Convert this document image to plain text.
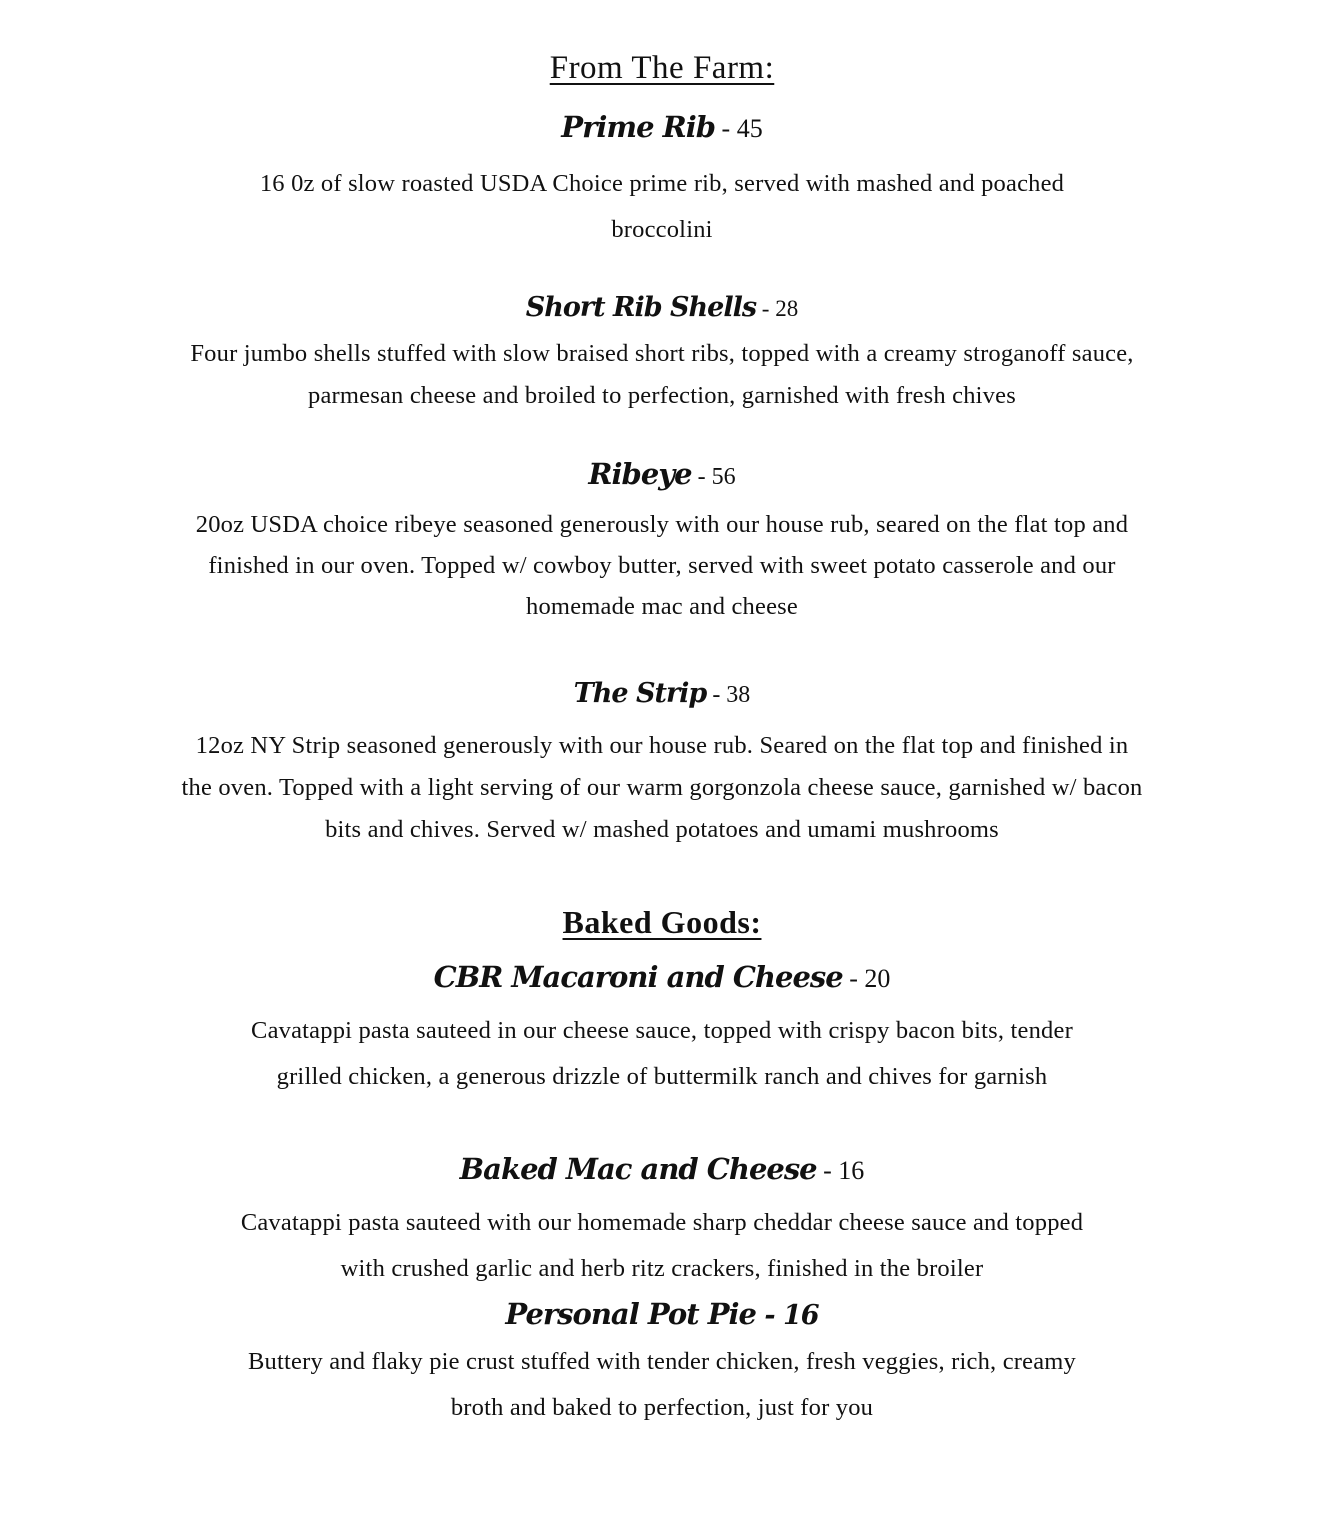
From The Farm:
Prime Rib - 45
16 0z of slow roasted USDA Choice prime rib, served with mashed and poached
broccolini
Short Rib Shells - 28
Four jumbo shells stuffed with slow braised short ribs, topped with a creamy stroganoff sauce,
parmesan cheese and broiled to perfection, garnished with fresh chives
Ribeye - 56
20oz USDA choice ribeye seasoned generously with our house rub, seared on the flat top and
finished in our oven. Topped w/ cowboy butter, served with sweet potato casserole and our
homemade mac and cheese
The Strip - 38
12oz NY Strip seasoned generously with our house rub. Seared on the flat top and finished in
the oven. Topped with a light serving of our warm gorgonzola cheese sauce, garnished w/ bacon
bits and chives. Served w/ mashed potatoes and umami mushrooms
Baked Goods:
CBR Macaroni and Cheese - 20
Cavatappi pasta sauteed in our cheese sauce, topped with crispy bacon bits, tender
grilled chicken, a generous drizzle of buttermilk ranch and chives for garnish
Baked Mac and Cheese - 16
Cavatappi pasta sauteed with our homemade sharp cheddar cheese sauce and topped
with crushed garlic and herb ritz crackers, finished in the broiler
Personal Pot Pie - 16
Buttery and flaky pie crust stuffed with tender chicken, fresh veggies, rich, creamy
broth and baked to perfection, just for you
